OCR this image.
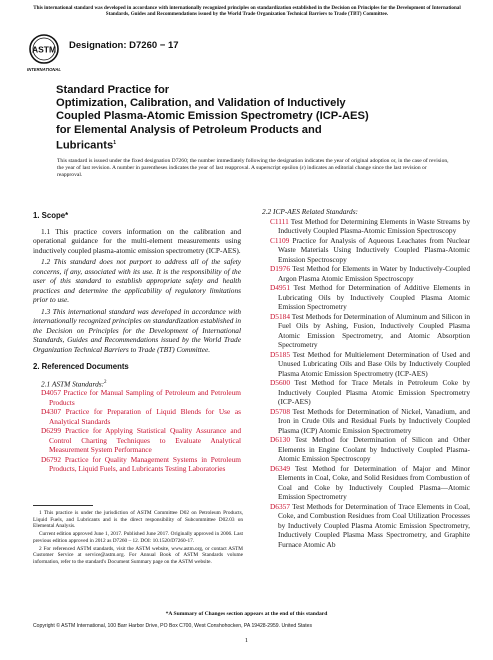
This international standard was developed in accordance with internationally recognized principles on standardization established in the Decision on Principles for the Development of International Standards, Guides and Recommendations issued by the World Trade Organization Technical Barriers to Trade (TBT) Committee.
ASTM
INTERNATIONAL
Designation: D7260 − 17
Standard Practice for
Optimization, Calibration, and Validation of Inductively
Coupled Plasma-Atomic Emission Spectrometry (ICP-AES)
for Elemental Analysis of Petroleum Products and
Lubricants$^1$
This standard is issued under the fixed designation D7260; the number immediately following the designation indicates the year of original adoption or, in the case of revision, the year of last revision. A number in parentheses indicates the year of last reapproval. A superscript epsilon (ε) indicates an editorial change since the last revision or reapproval.
1. Scope*

1.1 This practice covers information on the calibration and operational guidance for the multi-element measurements using inductively coupled plasma-atomic emission spectrometry (ICP-AES).

1.2 This standard does not purport to address all of the safety concerns, if any, associated with its use. It is the responsibility of the user of this standard to establish appropriate safety and health practices and determine the applicability of regulatory limitations prior to use.

1.3 This international standard was developed in accordance with internationally recognized principles on standardization established in the Decision on Principles for the Development of International Standards, Guides and Recommendations issued by the World Trade Organization Technical Barriers to Trade (TBT) Committee.

2. Referenced Documents
2.1 ASTM Standards:$^2$
D4057 Practice for Manual Sampling of Petroleum and Petroleum Products
D4307 Practice for Preparation of Liquid Blends for Use as Analytical Standards
D6299 Practice for Applying Statistical Quality Assurance and Control Charting Techniques to Evaluate Analytical Measurement System Performance
D6792 Practice for Quality Management Systems in Petroleum Products, Liquid Fuels, and Lubricants Testing Laboratories
2.2 ICP-AES Related Standards:
C1111 Test Method for Determining Elements in Waste Streams by Inductively Coupled Plasma-Atomic Emission Spectroscopy
C1109 Practice for Analysis of Aqueous Leachates from Nuclear Waste Materials Using Inductively Coupled Plasma-Atomic Emission Spectroscopy
D1976 Test Method for Elements in Water by Inductively-Coupled Argon Plasma Atomic Emission Spectroscopy
D4951 Test Method for Determination of Additive Elements in Lubricating Oils by Inductively Coupled Plasma Atomic Emission Spectrometry
D5184 Test Methods for Determination of Aluminum and Silicon in Fuel Oils by Ashing, Fusion, Inductively Coupled Plasma Atomic Emission Spectrometry, and Atomic Absorption Spectrometry
D5185 Test Method for Multielement Determination of Used and Unused Lubricating Oils and Base Oils by Inductively Coupled Plasma Atomic Emission Spectrometry (ICP-AES)
D5600 Test Method for Trace Metals in Petroleum Coke by Inductively Coupled Plasma Atomic Emission Spectrometry (ICP-AES)
D5708 Test Methods for Determination of Nickel, Vanadium, and Iron in Crude Oils and Residual Fuels by Inductively Coupled Plasma (ICP) Atomic Emission Spectrometry
D6130 Test Method for Determination of Silicon and Other Elements in Engine Coolant by Inductively Coupled Plasma-Atomic Emission Spectroscopy
D6349 Test Method for Determination of Major and Minor Elements in Coal, Coke, and Solid Residues from Combustion of Coal and Coke by Inductively Coupled Plasma—Atomic Emission Spectrometry
D6357 Test Methods for Determination of Trace Elements in Coal, Coke, and Combustion Residues from Coal Utilization Processes by Inductively Coupled Plasma Atomic Emission Spectrometry, Inductively Coupled Plasma Mass Spectrometry, and Graphite Furnace Atomic Ab

1 This practice is under the jurisdiction of ASTM Committee D02 on Petroleum Products, Liquid Fuels, and Lubricants and is the direct responsibility of Subcommittee D02.03 on Elemental Analysis.

Current edition approved June 1, 2017. Published June 2017. Originally approved in 2006. Last previous edition approved in 2012 as D7260 – 12. DOI: 10.1520/D7260-17.

2 For referenced ASTM standards, visit the ASTM website, www.astm.org, or contact ASTM Customer Service at service@astm.org. For Annual Book of ASTM Standards volume information, refer to the standard's Document Summary page on the ASTM website.

*A Summary of Changes section appears at the end of this standard
Copyright © ASTM International, 100 Barr Harbor Drive, PO Box C700, West Conshohocken, PA 19428-2959. United States
1
